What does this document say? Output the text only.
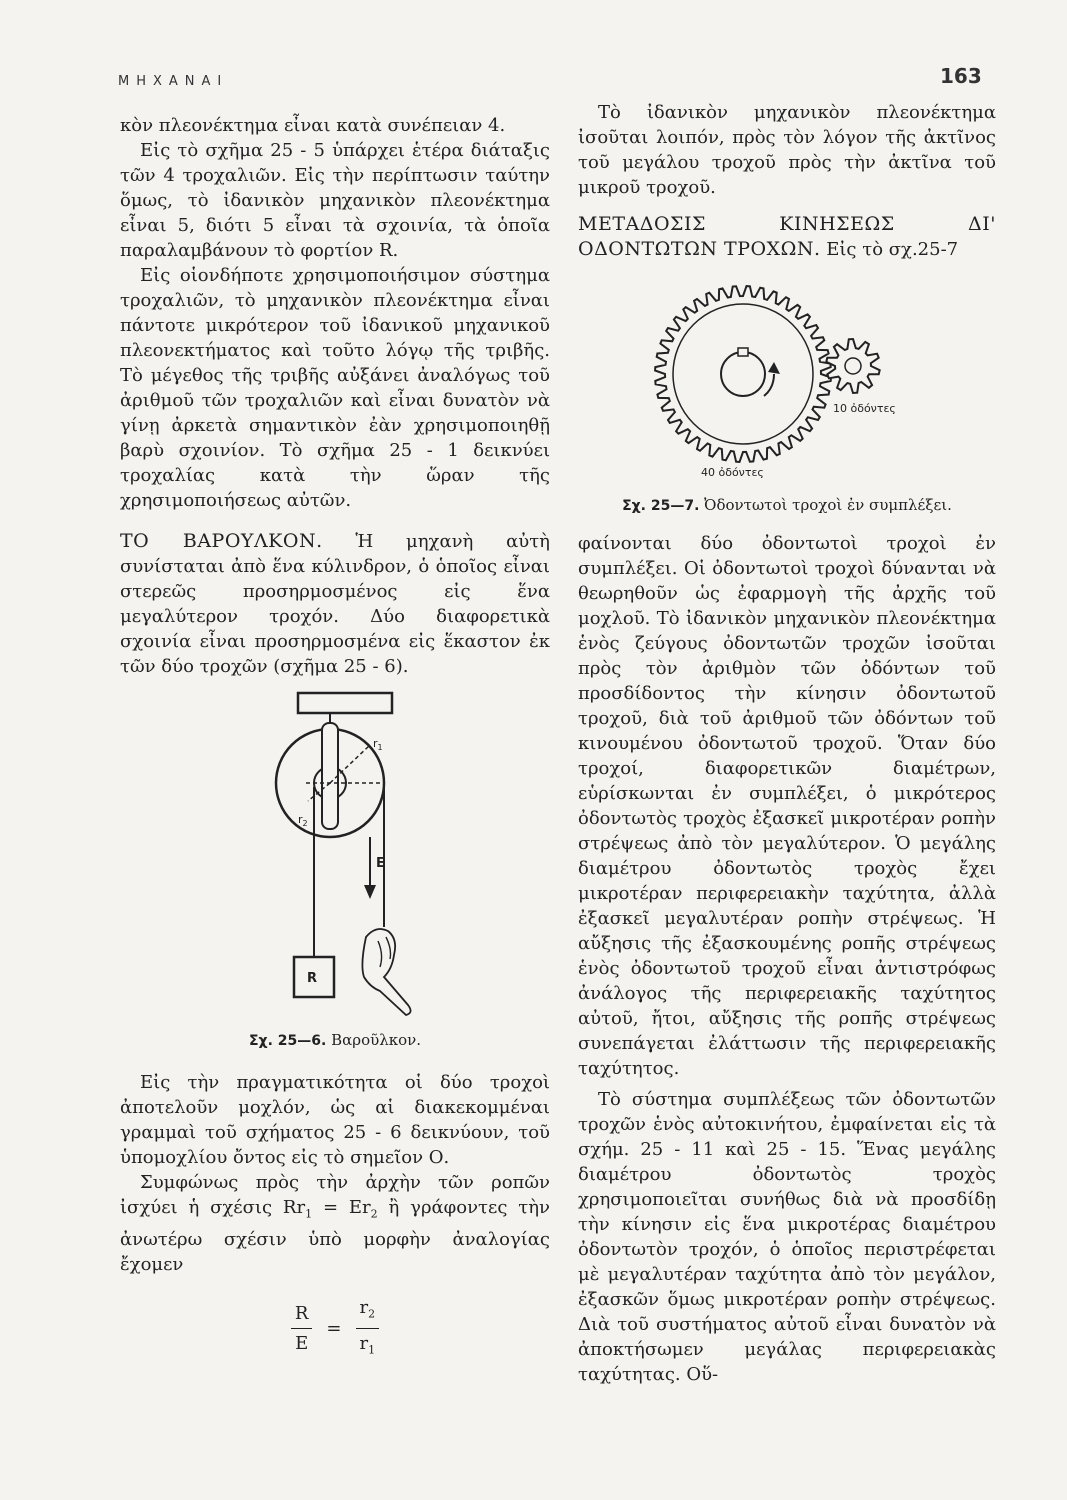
ΜΗΧΑΝΑΙ	163

κὸν πλεονέκτημα εἶναι κατὰ συνέπειαν 4.

Εἰς τὸ σχῆμα 25 - 5 ὑπάρχει ἑτέρα διάταξις τῶν 4 τροχαλιῶν. Εἰς τὴν περίπτωσιν ταύτην ὅμως, τὸ ἰδανικὸν μηχανικὸν πλεονέκτημα εἶναι 5, διότι 5 εἶναι τὰ σχοινία, τὰ ὁποῖα παραλαμβάνουν τὸ φορτίον R.

Εἰς οἱονδήποτε χρησιμοποιήσιμον σύστημα τροχαλιῶν, τὸ μηχανικὸν πλεονέκτημα εἶναι πάντοτε μικρότερον τοῦ ἰδανικοῦ μηχανικοῦ πλεονεκτήματος καὶ τοῦτο λόγῳ τῆς τριβῆς. Τὸ μέγεθος τῆς τριβῆς αὐξάνει ἀναλόγως τοῦ ἀριθμοῦ τῶν τροχαλιῶν καὶ εἶναι δυνατὸν νὰ γίνῃ ἀρκετὰ σημαντικὸν ἐὰν χρησιμοποιηθῇ βαρὺ σχοινίον. Τὸ σχῆμα 25 - 1 δεικνύει τροχαλίας κατὰ τὴν ὥραν τῆς χρησιμοποιήσεως αὐτῶν.

ΤΟ ΒΑΡΟΥΛΚΟΝ. Ἡ μηχανὴ αὐτὴ συνίσταται ἀπὸ ἕνα κύλινδρον, ὁ ὁποῖος εἶναι στερεῶς προσηρμοσμένος εἰς ἕνα μεγαλύτερον τροχόν. Δύο διαφορετικὰ σχοινία εἶναι προσηρμοσμένα εἰς ἕκαστον ἐκ τῶν δύο τροχῶν (σχῆμα 25 - 6).

$r_1$
$r_2$
E
R

Σχ. 25—6. Βαροῦλκον.

Εἰς τὴν πραγματικότητα οἱ δύο τροχοὶ ἀποτελοῦν μοχλόν, ὡς αἱ διακεκομμέναι γραμμαὶ τοῦ σχήματος 25 - 6 δεικνύουν, τοῦ ὑπομοχλίου ὄντος εἰς τὸ σημεῖον Ο.

Συμφώνως πρὸς τὴν ἀρχὴν τῶν ροπῶν ἰσχύει ἡ σχέσις $Rr_1 = Er_2$ ἢ γράφοντες τὴν ἀνωτέρω σχέσιν ὑπὸ μορφὴν ἀναλογίας ἔχομεν

$\frac{R}{E} = \frac{r_2}{r_1}$

Τὸ ἰδανικὸν μηχανικὸν πλεονέκτημα ἰσοῦται λοιπόν, πρὸς τὸν λόγον τῆς ἀκτῖνος τοῦ μεγάλου τροχοῦ πρὸς τὴν ἀκτῖνα τοῦ μικροῦ τροχοῦ.

ΜΕΤΑΔΟΣΙΣ ΚΙΝΗΣΕΩΣ ΔΙ' ΟΔΟΝΤΩΤΩΝ ΤΡΟΧΩΝ. Εἰς τὸ σχ.25-7

10 ὀδόντες
40 ὀδόντες

Σχ. 25—7. Ὀδοντωτοὶ τροχοὶ ἐν συμπλέξει.

φαίνονται δύο ὀδοντωτοὶ τροχοὶ ἐν συμπλέξει. Οἱ ὀδοντωτοὶ τροχοὶ δύνανται νὰ θεωρηθοῦν ὡς ἐφαρμογὴ τῆς ἀρχῆς τοῦ μοχλοῦ. Τὸ ἰδανικὸν μηχανικὸν πλεονέκτημα ἑνὸς ζεύγους ὀδοντωτῶν τροχῶν ἰσοῦται πρὸς τὸν ἀριθμὸν τῶν ὀδόντων τοῦ προσδίδοντος τὴν κίνησιν ὀδοντωτοῦ τροχοῦ, διὰ τοῦ ἀριθμοῦ τῶν ὀδόντων τοῦ κινουμένου ὀδοντωτοῦ τροχοῦ. Ὅταν δύο τροχοί, διαφορετικῶν διαμέτρων, εὑρίσκωνται ἐν συμπλέξει, ὁ μικρότερος ὀδοντωτὸς τροχὸς ἐξασκεῖ μικροτέραν ροπὴν στρέψεως ἀπὸ τὸν μεγαλύτερον. Ὁ μεγάλης διαμέτρου ὀδοντωτὸς τροχὸς ἔχει μικροτέραν περιφερειακὴν ταχύτητα, ἀλλὰ ἐξασκεῖ μεγαλυτέραν ροπὴν στρέψεως. Ἡ αὔξησις τῆς ἐξασκουμένης ροπῆς στρέψεως ἑνὸς ὀδοντωτοῦ τροχοῦ εἶναι ἀντιστρόφως ἀνάλογος τῆς περιφερειακῆς ταχύτητος αὐτοῦ, ἤτοι, αὔξησις τῆς ροπῆς στρέψεως συνεπάγεται ἐλάττωσιν τῆς περιφερειακῆς ταχύτητος.

Τὸ σύστημα συμπλέξεως τῶν ὀδοντωτῶν τροχῶν ἑνὸς αὐτοκινήτου, ἐμφαίνεται εἰς τὰ σχήμ. 25 - 11 καὶ 25 - 15. Ἕνας μεγάλης διαμέτρου ὀδοντωτὸς τροχὸς χρησιμοποιεῖται συνήθως διὰ νὰ προσδίδῃ τὴν κίνησιν εἰς ἕνα μικροτέρας διαμέτρου ὀδοντωτὸν τροχόν, ὁ ὁποῖος περιστρέφεται μὲ μεγαλυτέραν ταχύτητα ἀπὸ τὸν μεγάλον, ἐξασκῶν ὅμως μικροτέραν ροπὴν στρέψεως. Διὰ τοῦ συστήματος αὐτοῦ εἶναι δυνατὸν νὰ ἀποκτήσωμεν μεγάλας περιφερειακὰς ταχύτητας. Οὕ-
